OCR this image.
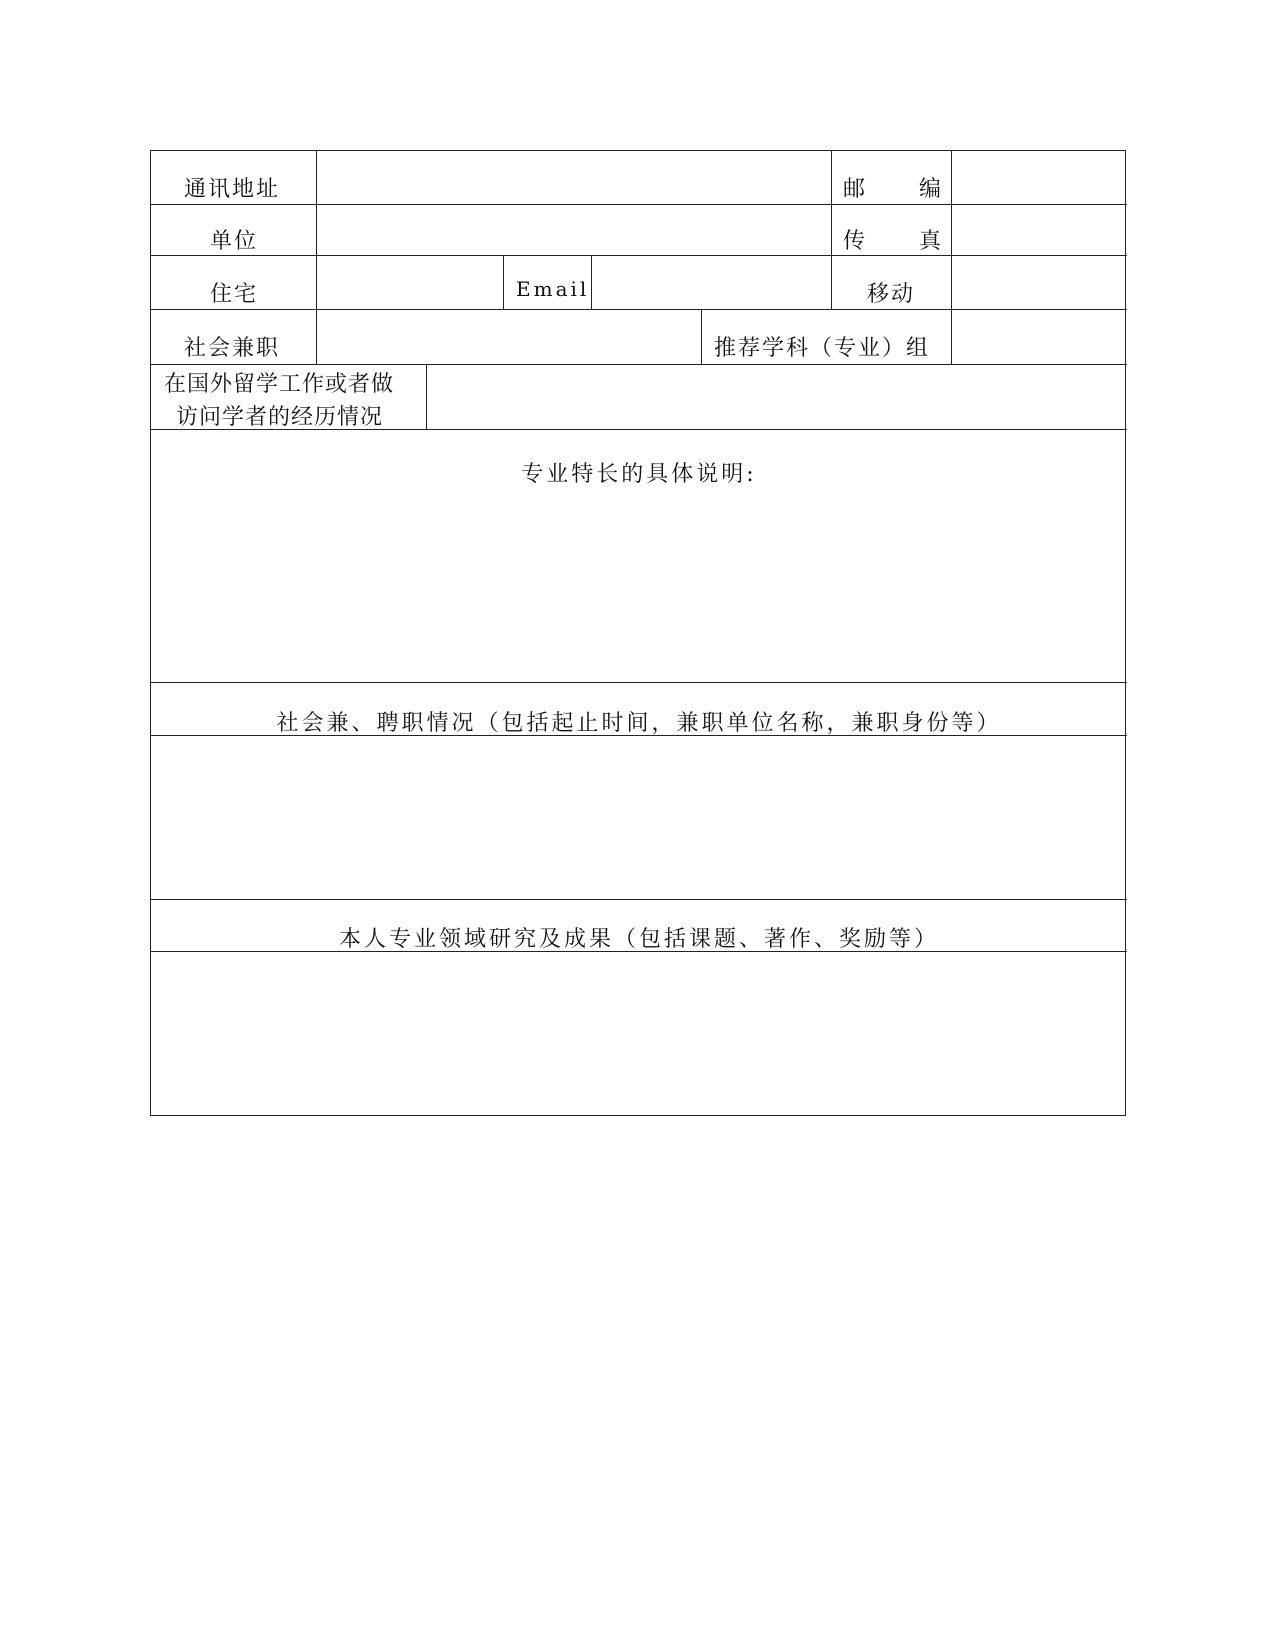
通讯地址	邮 编
单位	传 真
住宅	Email	移动
社会兼职	推荐学科（专业）组
在国外留学工作或者做
访问学者的经历情况
专业特长的具体说明:
社会兼、聘职情况（包括起止时间，兼职单位名称，兼职身份等）
本人专业领域研究及成果（包括课题、著作、奖励等）
